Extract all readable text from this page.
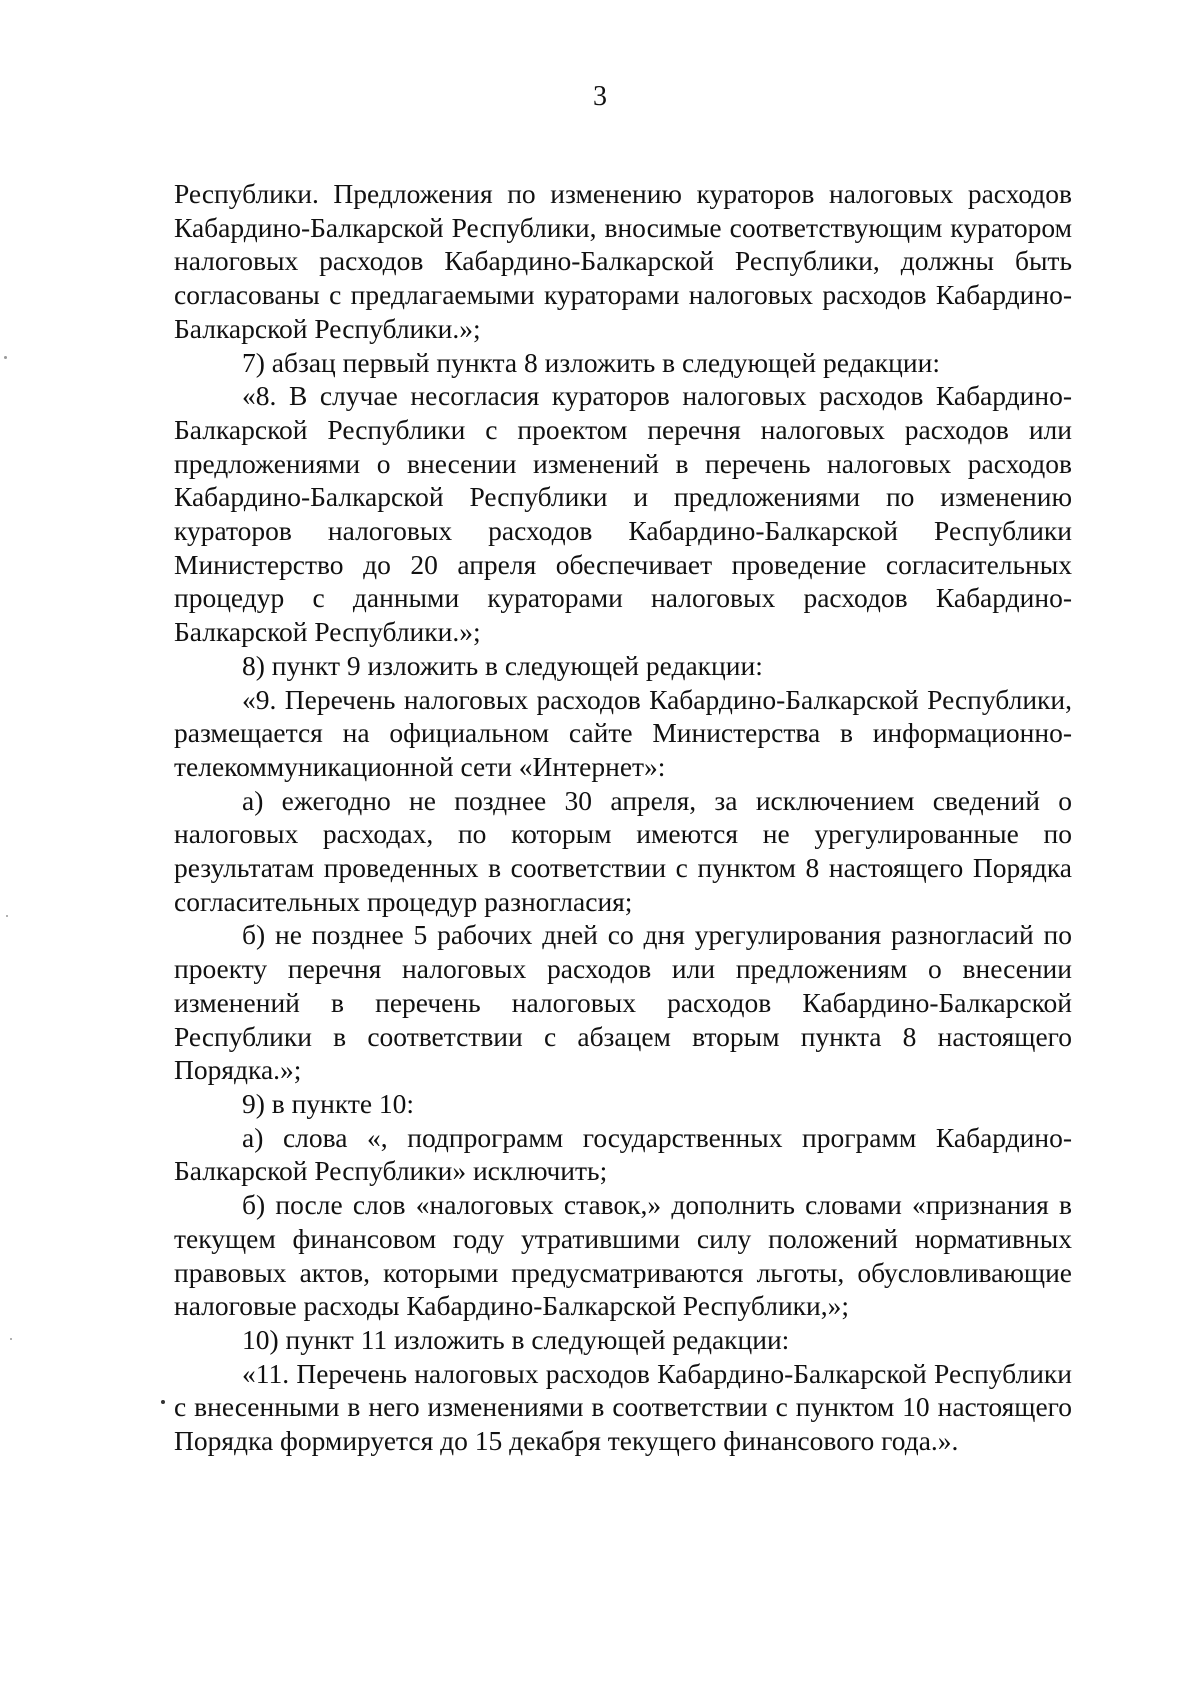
3

Республики. Предложения по изменению кураторов налоговых расходов Кабардино-Балкарской Республики, вносимые соответствующим куратором налоговых расходов Кабардино-Балкарской Республики, должны быть согласованы с предлагаемыми кураторами налоговых расходов Кабардино-Балкарской Республики.»;

7) абзац первый пункта 8 изложить в следующей редакции:

«8. В случае несогласия кураторов налоговых расходов Кабардино-Балкарской Республики с проектом перечня налоговых расходов или предложениями о внесении изменений в перечень налоговых расходов Кабардино-Балкарской Республики и предложениями по изменению кураторов налоговых расходов Кабардино-Балкарской Республики Министерство до 20 апреля обеспечивает проведение согласительных процедур с данными кураторами налоговых расходов Кабардино-Балкарской Республики.»;

8) пункт 9 изложить в следующей редакции:

«9. Перечень налоговых расходов Кабардино-Балкарской Республики, размещается на официальном сайте Министерства в информационно-телекоммуникационной сети «Интернет»:

а) ежегодно не позднее 30 апреля, за исключением сведений о налоговых расходах, по которым имеются не урегулированные по результатам проведенных в соответствии с пунктом 8 настоящего Порядка согласительных процедур разногласия;

б) не позднее 5 рабочих дней со дня урегулирования разногласий по проекту перечня налоговых расходов или предложениям о внесении изменений в перечень налоговых расходов Кабардино-Балкарской Республики в соответствии с абзацем вторым пункта 8 настоящего Порядка.»;

9) в пункте 10:

а) слова «, подпрограмм государственных программ Кабардино-Балкарской Республики» исключить;

б) после слов «налоговых ставок,» дополнить словами «признания в текущем финансовом году утратившими силу положений нормативных правовых актов, которыми предусматриваются льготы, обусловливающие налоговые расходы Кабардино-Балкарской Республики,»;

10) пункт 11 изложить в следующей редакции:

«11. Перечень налоговых расходов Кабардино-Балкарской Республики с внесенными в него изменениями в соответствии с пунктом 10 настоящего Порядка формируется до 15 декабря текущего финансового года.».
